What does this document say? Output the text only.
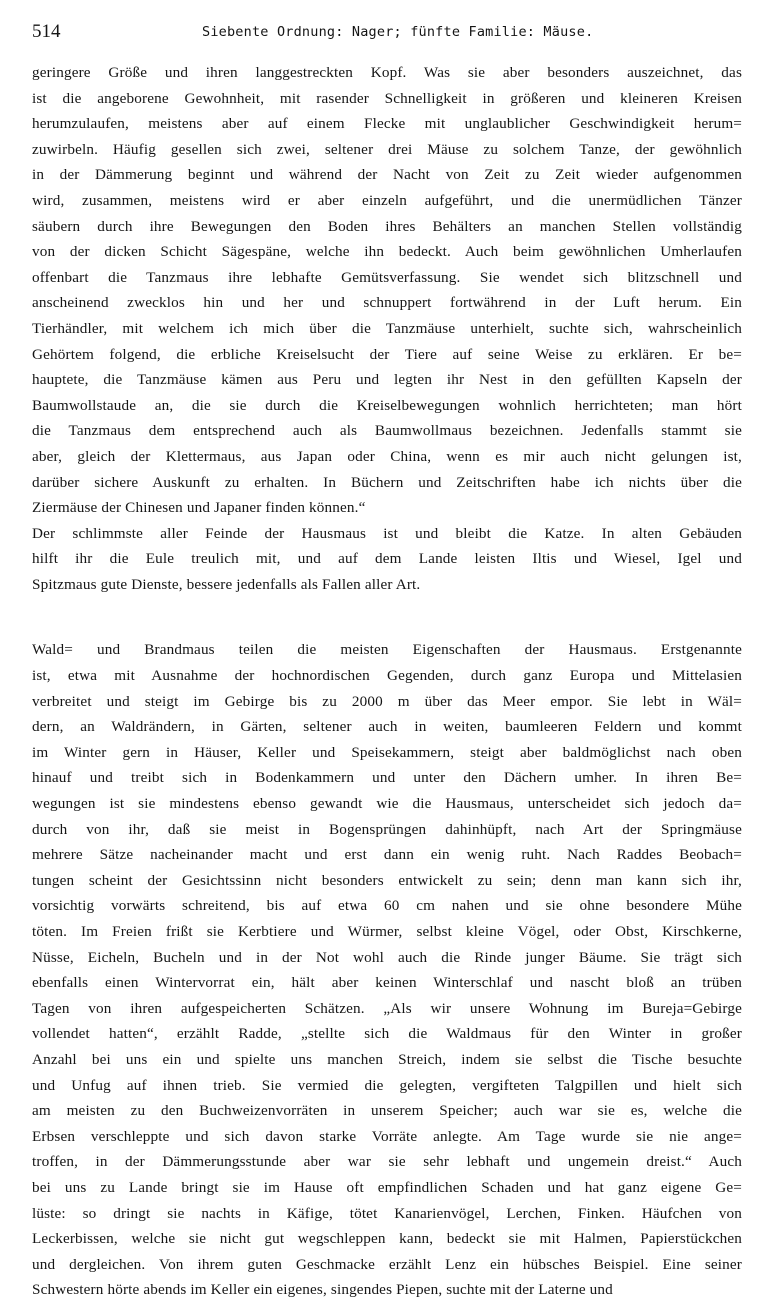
514	Siebente Ordnung: Nager; fünfte Familie: Mäuse.
geringere Größe und ihren langgestreckten Kopf. Was sie aber besonders auszeichnet, das
ist die angeborene Gewohnheit, mit rasender Schnelligkeit in größeren und kleineren Kreisen
herumzulaufen, meistens aber auf einem Flecke mit unglaublicher Geschwindigkeit herum=
zuwirbeln. Häufig gesellen sich zwei, seltener drei Mäuse zu solchem Tanze, der gewöhnlich
in der Dämmerung beginnt und während der Nacht von Zeit zu Zeit wieder aufgenommen
wird, zusammen, meistens wird er aber einzeln aufgeführt, und die unermüdlichen Tänzer
säubern durch ihre Bewegungen den Boden ihres Behälters an manchen Stellen vollständig
von der dicken Schicht Sägespäne, welche ihn bedeckt. Auch beim gewöhnlichen Umherlaufen
offenbart die Tanzmaus ihre lebhafte Gemütsverfassung. Sie wendet sich blitzschnell und
anscheinend zwecklos hin und her und schnuppert fortwährend in der Luft herum. Ein
Tierhändler, mit welchem ich mich über die Tanzmäuse unterhielt, suchte sich, wahrscheinlich
Gehörtem folgend, die erbliche Kreiselsucht der Tiere auf seine Weise zu erklären. Er be=
hauptete, die Tanzmäuse kämen aus Peru und legten ihr Nest in den gefüllten Kapseln der
Baumwollstaude an, die sie durch die Kreiselbewegungen wohnlich herrichteten; man hört
die Tanzmaus dem entsprechend auch als Baumwollmaus bezeichnen. Jedenfalls stammt sie
aber, gleich der Klettermaus, aus Japan oder China, wenn es mir auch nicht gelungen ist,
darüber sichere Auskunft zu erhalten. In Büchern und Zeitschriften habe ich nichts über die
Ziermäuse der Chinesen und Japaner finden können.“
Der schlimmste aller Feinde der Hausmaus ist und bleibt die Katze. In alten Gebäuden
hilft ihr die Eule treulich mit, und auf dem Lande leisten Iltis und Wiesel, Igel und
Spitzmaus gute Dienste, bessere jedenfalls als Fallen aller Art.
Wald= und Brandmaus teilen die meisten Eigenschaften der Hausmaus. Erstgenannte
ist, etwa mit Ausnahme der hochnordischen Gegenden, durch ganz Europa und Mittelasien
verbreitet und steigt im Gebirge bis zu 2000 m über das Meer empor. Sie lebt in Wäl=
dern, an Waldrändern, in Gärten, seltener auch in weiten, baumleeren Feldern und kommt
im Winter gern in Häuser, Keller und Speisekammern, steigt aber baldmöglichst nach oben
hinauf und treibt sich in Bodenkammern und unter den Dächern umher. In ihren Be=
wegungen ist sie mindestens ebenso gewandt wie die Hausmaus, unterscheidet sich jedoch da=
durch von ihr, daß sie meist in Bogensprüngen dahinhüpft, nach Art der Springmäuse
mehrere Sätze nacheinander macht und erst dann ein wenig ruht. Nach Raddes Beobach=
tungen scheint der Gesichtssinn nicht besonders entwickelt zu sein; denn man kann sich ihr,
vorsichtig vorwärts schreitend, bis auf etwa 60 cm nahen und sie ohne besondere Mühe
töten. Im Freien frißt sie Kerbtiere und Würmer, selbst kleine Vögel, oder Obst, Kirschkerne,
Nüsse, Eicheln, Bucheln und in der Not wohl auch die Rinde junger Bäume. Sie trägt sich
ebenfalls einen Wintervorrat ein, hält aber keinen Winterschlaf und nascht bloß an trüben
Tagen von ihren aufgespeicherten Schätzen. „Als wir unsere Wohnung im Bureja=Gebirge
vollendet hatten“, erzählt Radde, „stellte sich die Waldmaus für den Winter in großer
Anzahl bei uns ein und spielte uns manchen Streich, indem sie selbst die Tische besuchte
und Unfug auf ihnen trieb. Sie vermied die gelegten, vergifteten Talgpillen und hielt sich
am meisten zu den Buchweizenvorräten in unserem Speicher; auch war sie es, welche die
Erbsen verschleppte und sich davon starke Vorräte anlegte. Am Tage wurde sie nie ange=
troffen, in der Dämmerungsstunde aber war sie sehr lebhaft und ungemein dreist.“ Auch
bei uns zu Lande bringt sie im Hause oft empfindlichen Schaden und hat ganz eigene Ge=
lüste: so dringt sie nachts in Käfige, tötet Kanarienvögel, Lerchen, Finken. Häufchen von
Leckerbissen, welche sie nicht gut wegschleppen kann, bedeckt sie mit Halmen, Papierstückchen
und dergleichen. Von ihrem guten Geschmacke erzählt Lenz ein hübsches Beispiel. Eine seiner
Schwestern hörte abends im Keller ein eigenes, singendes Piepen, suchte mit der Laterne und
